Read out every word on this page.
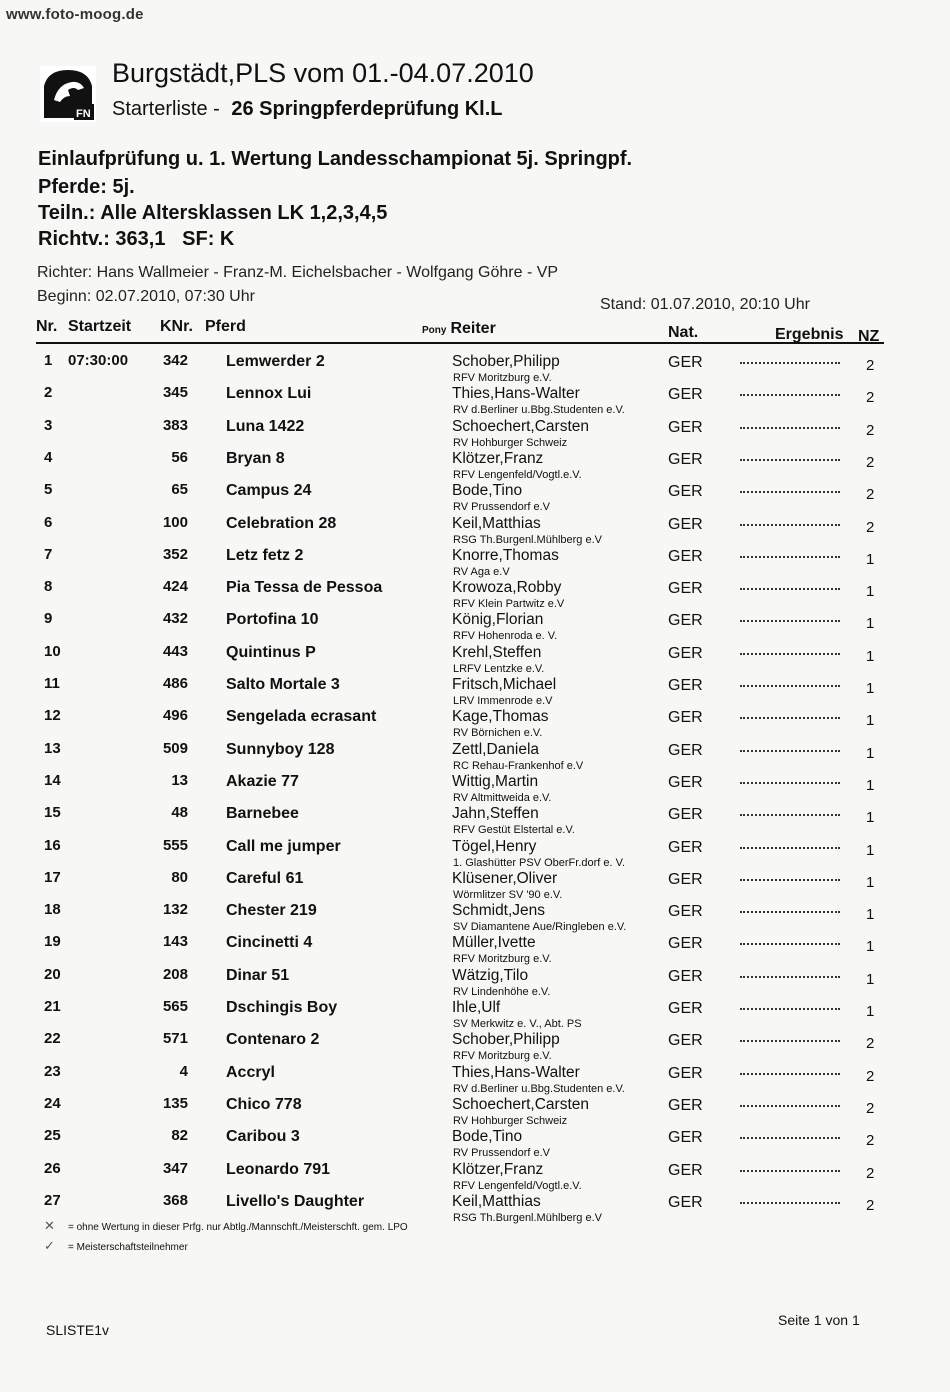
www.foto-moog.de
FN
Burgstädt,PLS vom 01.-04.07.2010
Starterliste - 26 Springpferdeprüfung Kl.L
Einlaufprüfung u. 1. Wertung Landesschampionat 5j. Springpf.
Pferde: 5j.
Teiln.: Alle Altersklassen LK 1,2,3,4,5
Richtv.: 363,1   SF: K
Richter: Hans Wallmeier - Franz-M. Eichelsbacher - Wolfgang Göhre - VP
Beginn: 02.07.2010, 07:30 Uhr	Stand: 01.07.2010, 20:10 Uhr
Nr. Startzeit KNr. Pferd	Pony Reiter	Nat.	Ergebnis NZ
1 07:30:00 342 Lemwerder 2	Schober,Philipp
RFV Moritzburg e.V.
GER	2
2	345 Lennox Lui	Thies,Hans-Walter
RV d.Berliner u.Bbg.Studenten e.V.
GER	2
3	383 Luna 1422	Schoechert,Carsten
RV Hohburger Schweiz
GER	2
4	56 Bryan 8	Klötzer,Franz
RFV Lengenfeld/Vogtl.e.V.
GER	2
5	65 Campus 24	Bode,Tino
RV Prussendorf e.V
GER	2
6	100 Celebration 28	Keil,Matthias
RSG Th.Burgenl.Mühlberg e.V
GER	2
7	352 Letz fetz 2	Knorre,Thomas
RV Aga e.V
GER	1
8	424 Pia Tessa de Pessoa	Krowoza,Robby
RFV Klein Partwitz e.V
GER	1
9	432 Portofina 10	König,Florian
RFV Hohenroda e. V.
GER	1
10	443 Quintinus P	Krehl,Steffen
LRFV Lentzke e.V.
GER	1
11	486 Salto Mortale 3	Fritsch,Michael
LRV Immenrode e.V
GER	1
12	496 Sengelada ecrasant	Kage,Thomas
RV Börnichen e.V.
GER	1
13	509 Sunnyboy 128	Zettl,Daniela
RC Rehau-Frankenhof e.V
GER	1
14	13 Akazie 77	Wittig,Martin
RV Altmittweida e.V.
GER	1
15	48 Barnebee	Jahn,Steffen
RFV Gestüt Elstertal e.V.
GER	1
16	555 Call me jumper	Tögel,Henry
1. Glashütter PSV OberFr.dorf e. V.
GER	1
17	80 Careful 61	Klüsener,Oliver
Wörmlitzer SV '90 e.V.
GER	1
18	132 Chester 219	Schmidt,Jens
SV Diamantene Aue/Ringleben e.V.
GER	1
19	143 Cincinetti 4	Müller,Ivette
RFV Moritzburg e.V.
GER	1
20	208 Dinar 51	Wätzig,Tilo
RV Lindenhöhe e.V.
GER	1
21	565 Dschingis Boy	Ihle,Ulf
SV Merkwitz e. V., Abt. PS
GER	1
22	571 Contenaro 2	Schober,Philipp
RFV Moritzburg e.V.
GER	2
23	4 Accryl	Thies,Hans-Walter
RV d.Berliner u.Bbg.Studenten e.V.
GER	2
24	135 Chico 778	Schoechert,Carsten
RV Hohburger Schweiz
GER	2
25	82 Caribou 3	Bode,Tino
RV Prussendorf e.V
GER	2
26	347 Leonardo 791	Klötzer,Franz
RFV Lengenfeld/Vogtl.e.V.
GER	2
27	368 Livello's Daughter	Keil,Matthias
RSG Th.Burgenl.Mühlberg e.V
GER	2
✕ = ohne Wertung in dieser Prfg. nur Abtlg./Mannschft./Meisterschft. gem. LPO
✓ = Meisterschaftsteilnehmer
SLISTE1v
Seite 1 von 1
